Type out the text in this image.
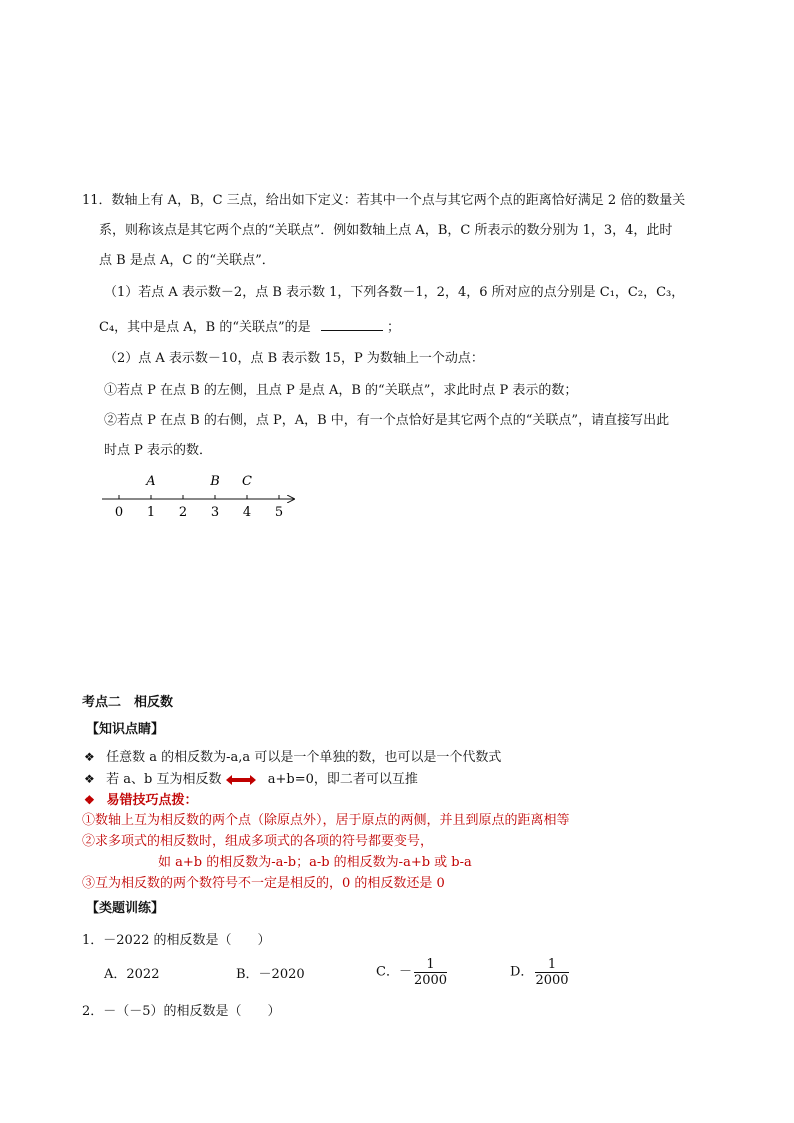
11．数轴上有 A，B，C 三点，给出如下定义：若其中一个点与其它两个点的距离恰好满足 2 倍的数量关
系，则称该点是其它两个点的“关联点”．例如数轴上点 A，B，C 所表示的数分别为 1，3，4，此时
点 B 是点 A，C 的“关联点”．
（1）若点 A 表示数－2，点 B 表示数 1，下列各数－1，2，4，6 所对应的点分别是 C₁，C₂，C₃，
C₄，其中是点 A，B 的“关联点”的是	；
（2）点 A 表示数－10，点 B 表示数 15，P 为数轴上一个动点：
①若点 P 在点 B 的左侧，且点 P 是点 A，B 的“关联点”，求此时点 P 表示的数；
②若点 P 在点 B 的右侧，点 P，A，B 中，有一个点恰好是其它两个点的“关联点”，请直接写出此
时点 P 表示的数．
0 1 2 3 4 5
A	B C
考点二　相反数
【知识点睛】
❖ 任意数 a 的相反数为-a,a 可以是一个单独的数，也可以是一个代数式
❖ 若 a、b 互为相反数	a+b=0，即二者可以互推
❖ 易错技巧点拨：
①数轴上互为相反数的两个点（除原点外），居于原点的两侧，并且到原点的距离相等
②求多项式的相反数时，组成多项式的各项的符号都要变号，
如 a+b 的相反数为-a-b；a-b 的相反数为-a+b 或 b-a
③互为相反数的两个数符号不一定是相反的，0 的相反数还是 0
【类题训练】
1．－2022 的相反数是（　　）
A．2022	B．－2020	C．－ $\frac{1}{2000}$	D． $\frac{1}{2000}$
2．－（－5）的相反数是（　　）
